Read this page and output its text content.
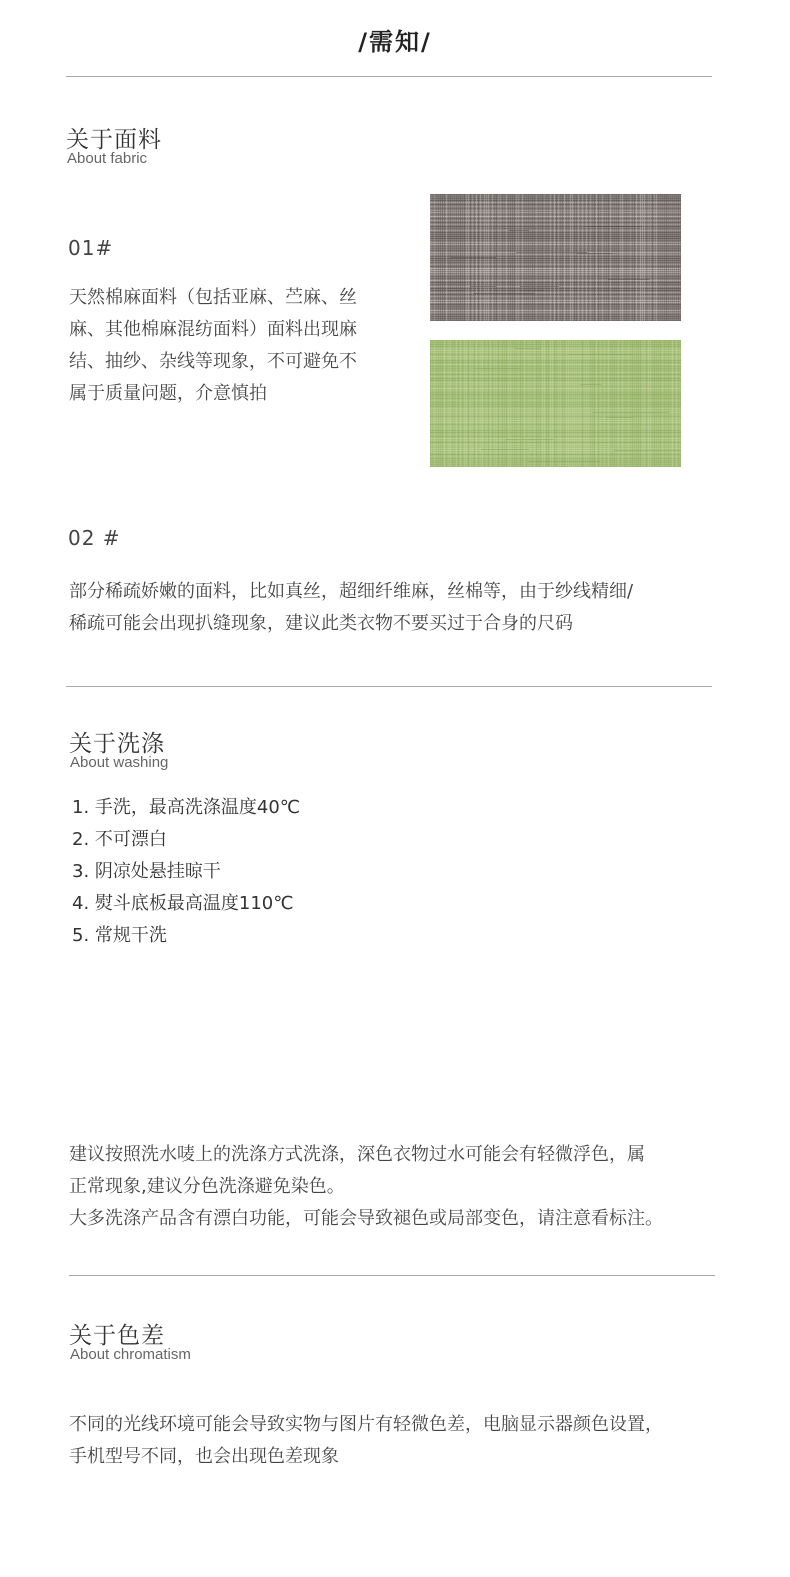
/需知/
关于面料
About fabric
01#

天然棉麻面料（包括亚麻、苎麻、丝

麻、其他棉麻混纺面料）面料出现麻

结、抽纱、杂线等现象，不可避免不

属于质量问题，介意慎拍

02 #

部分稀疏娇嫩的面料，比如真丝，超细纤维麻，丝棉等，由于纱线精细/

稀疏可能会出现扒缝现象，建议此类衣物不要买过于合身的尺码

关于洗涤
About washing
1. 手洗，最高洗涤温度40℃
2. 不可漂白
3. 阴凉处悬挂晾干
4. 熨斗底板最高温度110℃
5. 常规干洗

建议按照洗水唛上的洗涤方式洗涤，深色衣物过水可能会有轻微浮色，属

正常现象,建议分色洗涤避免染色。

大多洗涤产品含有漂白功能，可能会导致褪色或局部变色，请注意看标注。

关于色差
About chromatism

不同的光线环境可能会导致实物与图片有轻微色差，电脑显示器颜色设置，

手机型号不同，也会出现色差现象
